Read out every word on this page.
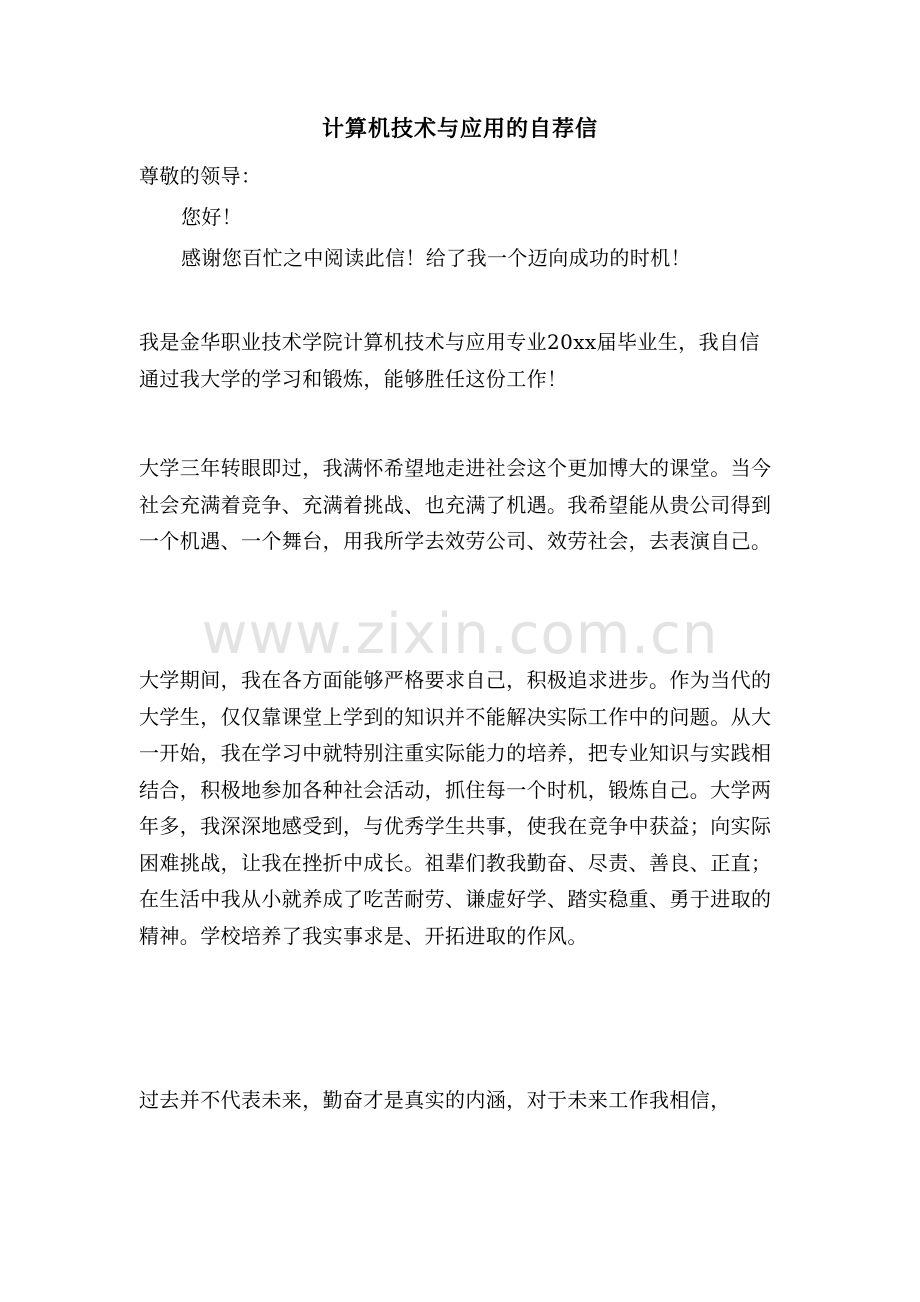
www.zixin.com.cn
计算机技术与应用的自荐信
尊敬的领导：
您好！
感谢您百忙之中阅读此信！给了我一个迈向成功的时机！
我是金华职业技术学院计算机技术与应用专业20xx届毕业生，我自信通过我大学的学习和锻炼，能够胜任这份工作！
大学三年转眼即过，我满怀希望地走进社会这个更加博大的课堂。当今社会充满着竞争、充满着挑战、也充满了机遇。我希望能从贵公司得到一个机遇、一个舞台，用我所学去效劳公司、效劳社会，去表演自己。
大学期间，我在各方面能够严格要求自己，积极追求进步。作为当代的大学生，仅仅靠课堂上学到的知识并不能解决实际工作中的问题。从大一开始，我在学习中就特别注重实际能力的培养，把专业知识与实践相结合，积极地参加各种社会活动，抓住每一个时机，锻炼自己。大学两年多，我深深地感受到，与优秀学生共事，使我在竞争中获益；向实际困难挑战，让我在挫折中成长。祖辈们教我勤奋、尽责、善良、正直；在生活中我从小就养成了吃苦耐劳、谦虚好学、踏实稳重、勇于进取的精神。学校培养了我实事求是、开拓进取的作风。
过去并不代表未来，勤奋才是真实的内涵，对于未来工作我相信，
